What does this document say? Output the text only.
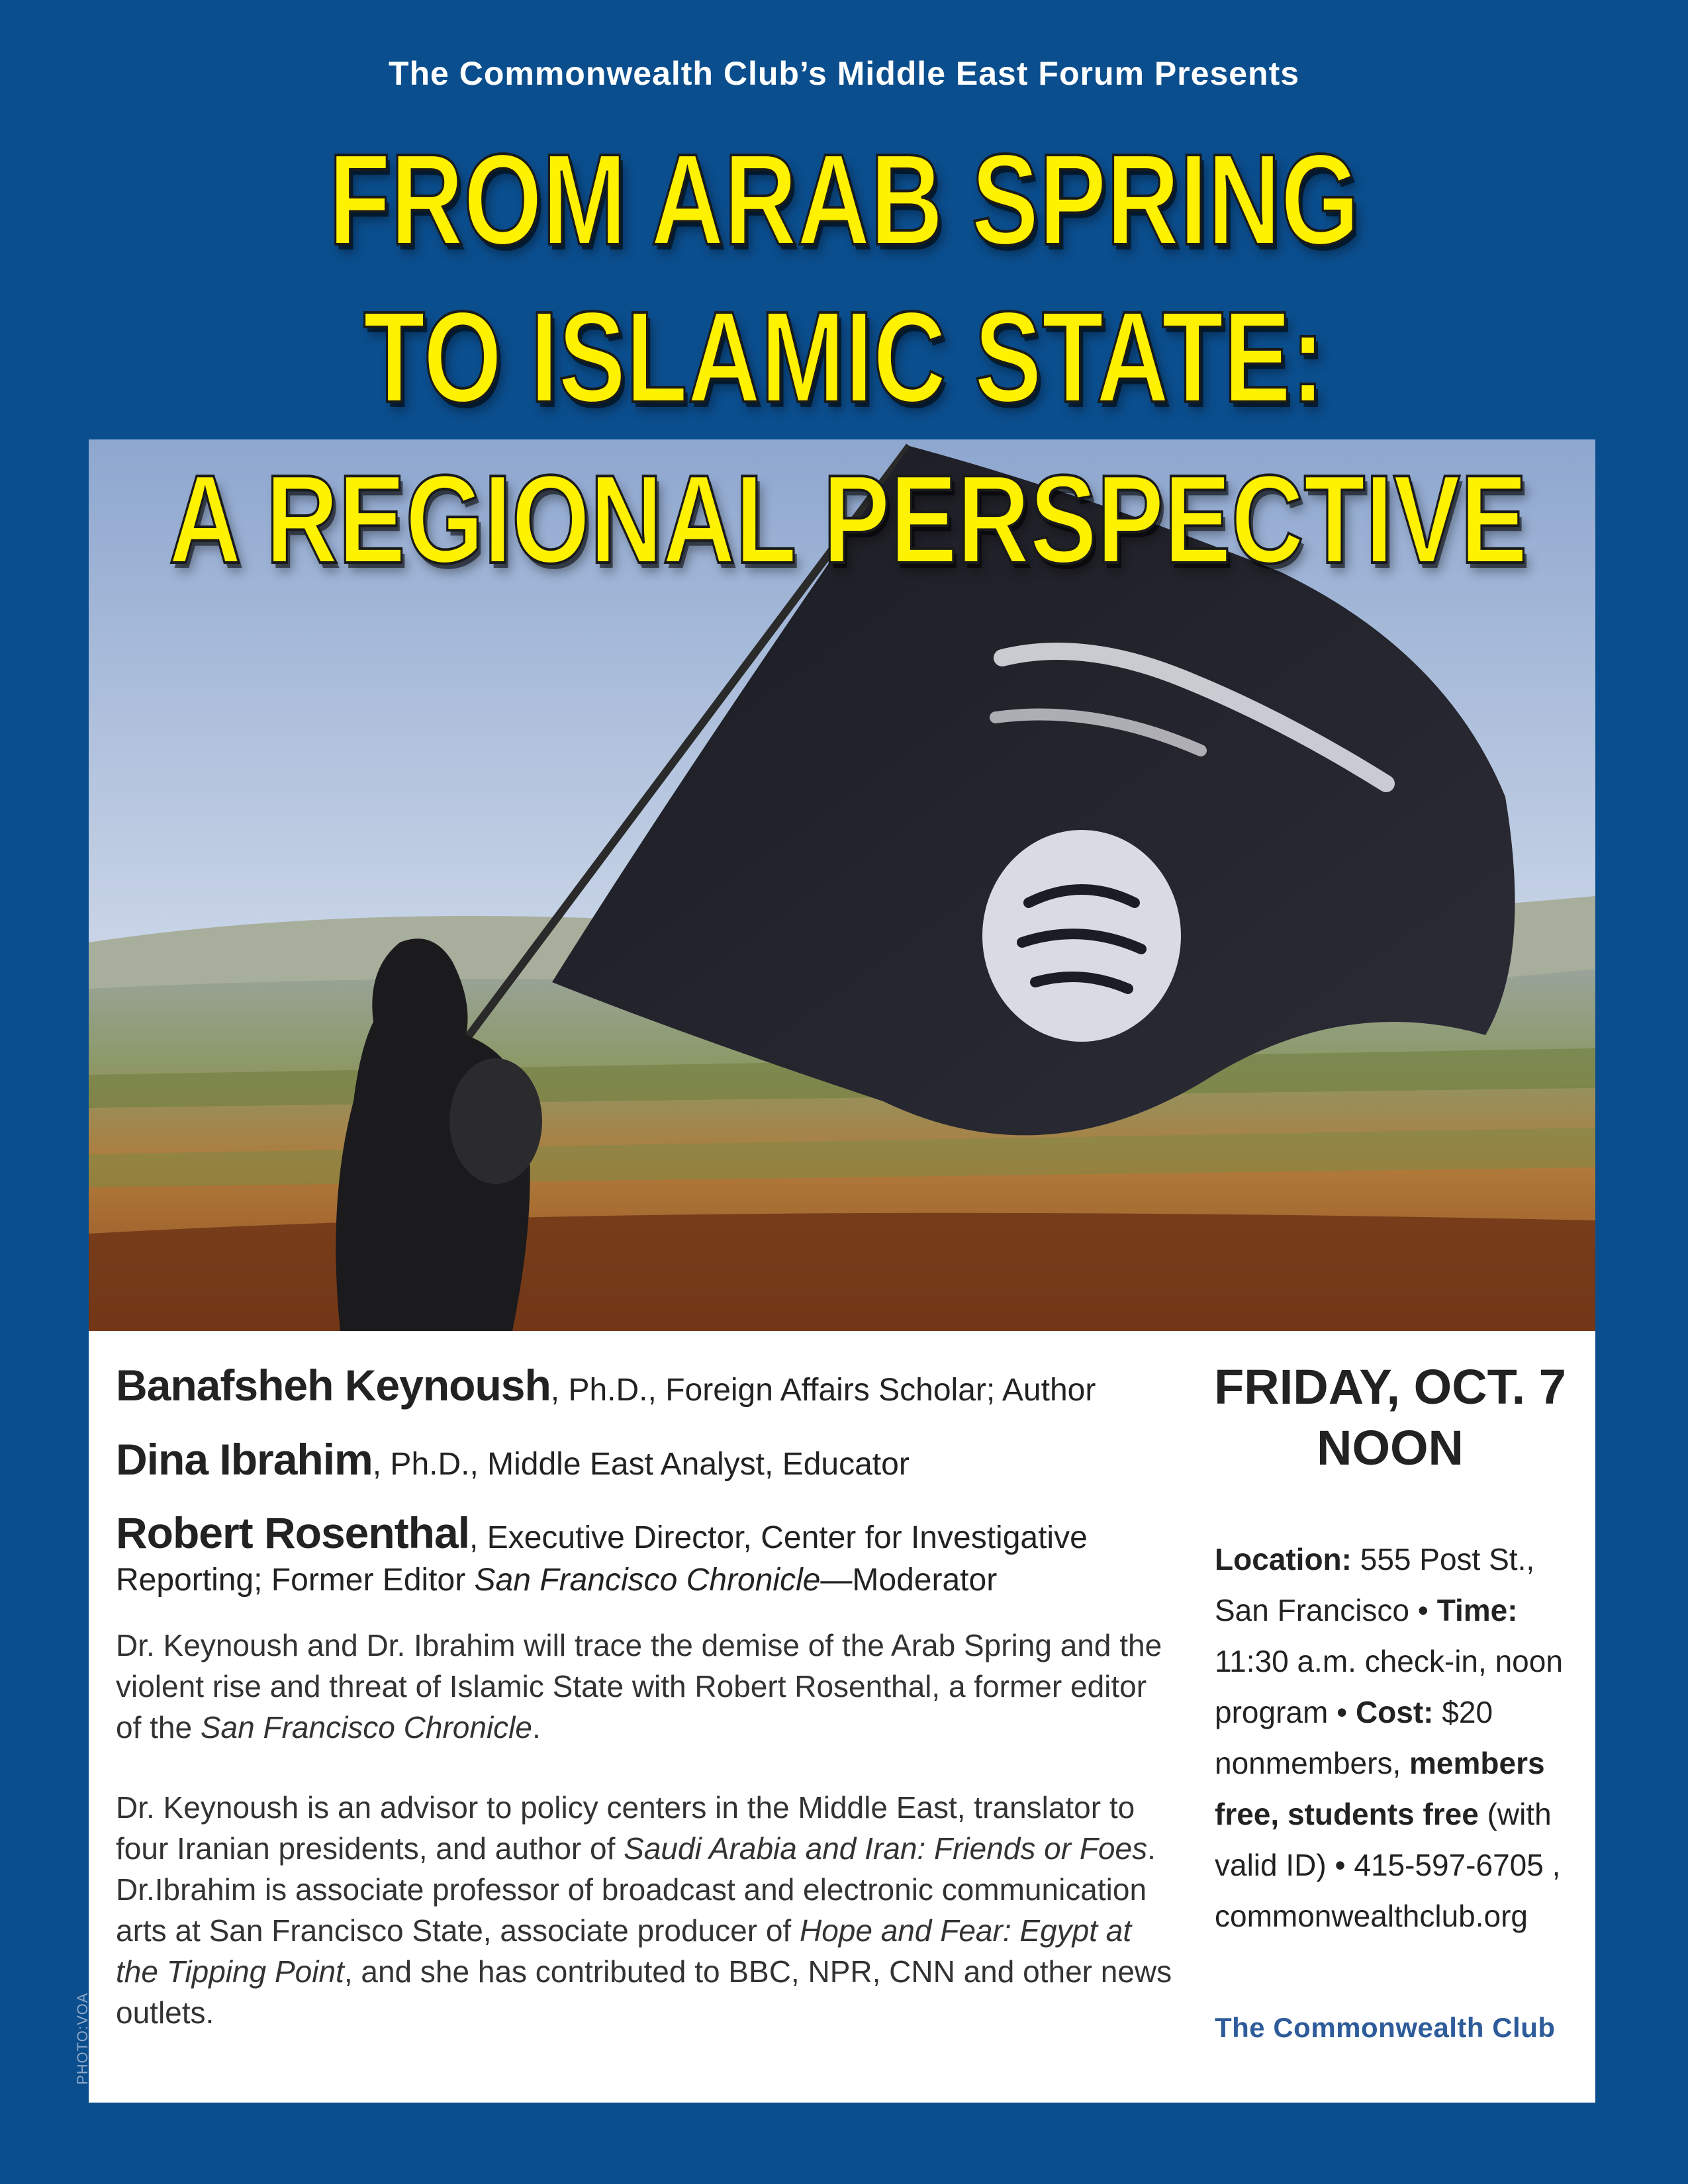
The Commonwealth Club’s Middle East Forum Presents
FROM ARAB SPRING
TO ISLAMIC STATE:
A REGIONAL PERSPECTIVE
Banafsheh Keynoush, Ph.D., Foreign Affairs Scholar; Author
Dina Ibrahim, Ph.D., Middle East Analyst, Educator
Robert Rosenthal, Executive Director, Center for Investigative
Reporting; Former Editor San Francisco Chronicle—Moderator
Dr. Keynoush and Dr. Ibrahim will trace the demise of the Arab Spring and the violent rise and threat of Islamic State with Robert Rosenthal, a former editor of the San Francisco Chronicle.
Dr. Keynoush is an advisor to policy centers in the Middle East, translator to four Iranian presidents, and author of Saudi Arabia and Iran: Friends or Foes. Dr.Ibrahim is associate professor of broadcast and electronic communication arts at San Francisco State, associate producer of Hope and Fear: Egypt at the Tipping Point, and she has contributed to BBC, NPR, CNN and other news outlets.
FRIDAY, OCT. 7
NOON
Location: 555 Post St., San Francisco • Time: 11:30 a.m. check-in, noon program • Cost: $20 nonmembers, members free, students free (with valid ID) • 415-597-6705 , commonwealthclub.org
The Commonwealth Club
PHOTO:VOA
